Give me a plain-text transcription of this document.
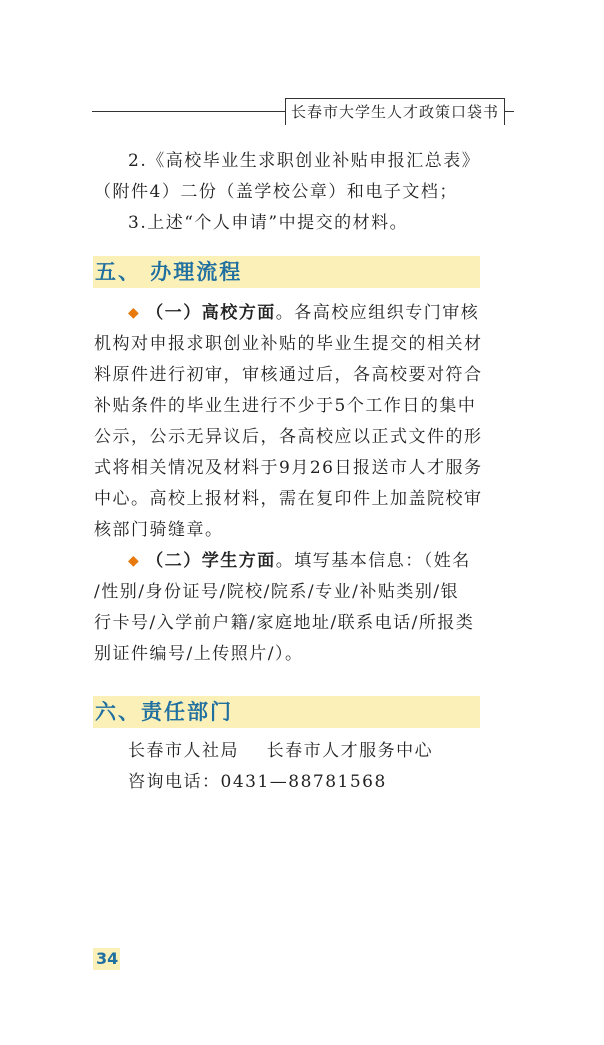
长春市大学生人才政策口袋书
2.《高校毕业生求职创业补贴申报汇总表》
（附件4）二份（盖学校公章）和电子文档；
3.上述“个人申请”中提交的材料。
五、 办理流程
◆ （一）高校方面。各高校应组织专门审核
机构对申报求职创业补贴的毕业生提交的相关材
料原件进行初审，审核通过后，各高校要对符合
补贴条件的毕业生进行不少于5个工作日的集中
公示，公示无异议后，各高校应以正式文件的形
式将相关情况及材料于9月26日报送市人才服务
中心。高校上报材料，需在复印件上加盖院校审
核部门骑缝章。
◆ （二）学生方面。填写基本信息：（姓名
/性别/身份证号/院校/院系/专业/补贴类别/银
行卡号/入学前户籍/家庭地址/联系电话/所报类
别证件编号/上传照片/）。
六、责任部门
长春市人社局    长春市人才服务中心
咨询电话：0431—88781568
34
